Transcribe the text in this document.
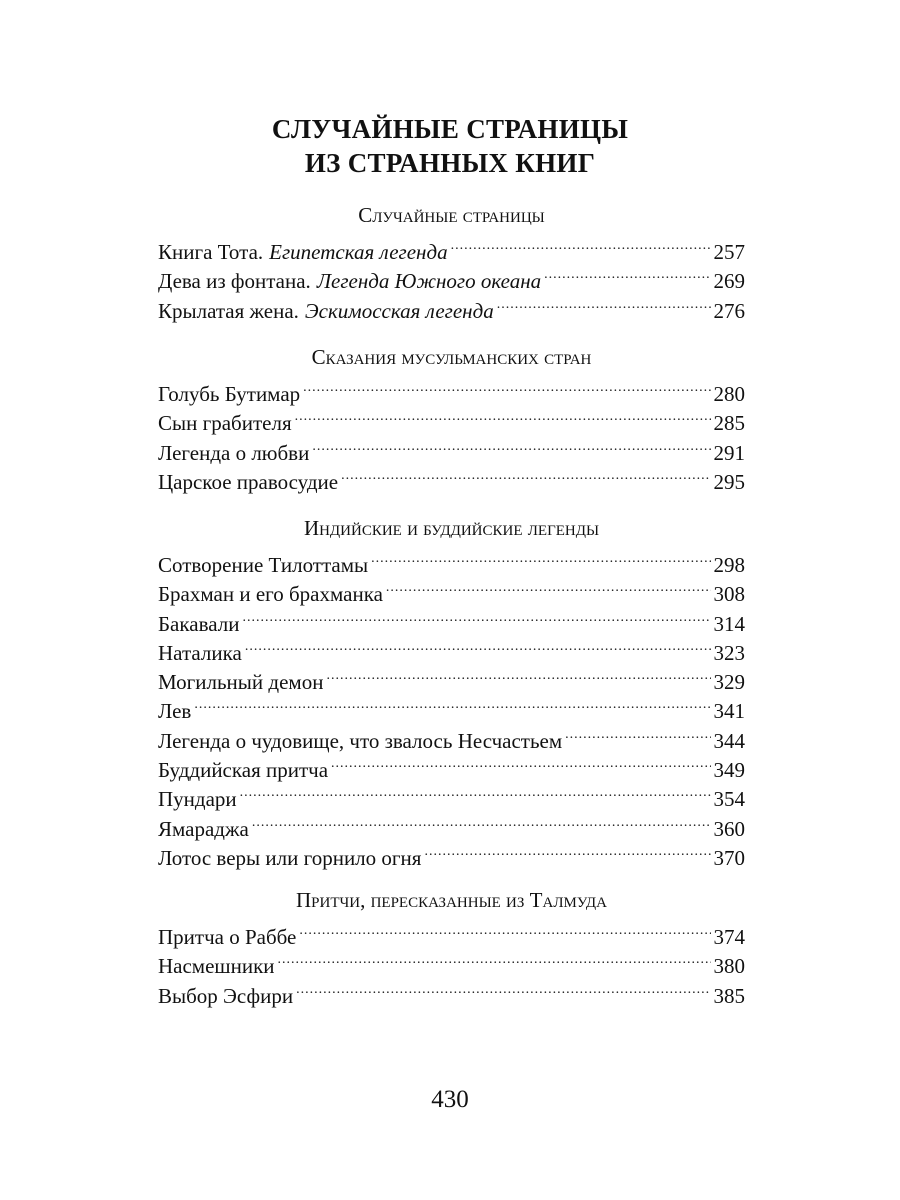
СЛУЧАЙНЫЕ СТРАНИЦЫ
ИЗ СТРАННЫХ КНИГ
Случайные страницы
Книга Тота. Египетская легенда .....	257
Дева из фонтана. Легенда Южного океана .....	269
Крылатая жена. Эскимосская легенда .....	276
Сказания мусульманских стран
Голубь Бутимар .....	280
Сын грабителя .....	285
Легенда о любви .....	291
Царское правосудие .....	295
Индийские и буддийские легенды
Сотворение Тилоттамы .....	298
Брахман и его брахманка .....	308
Бакавали .....	314
Наталика .....	323
Могильный демон .....	329
Лев .....	341
Легенда о чудовище, что звалось Несчастьем .....	344
Буддийская притча .....	349
Пундари .....	354
Ямараджа .....	360
Лотос веры или горнило огня .....	370
Притчи, пересказанные из Талмуда
Притча о Раббе .....	374
Насмешники .....	380
Выбор Эсфири .....	385
430
